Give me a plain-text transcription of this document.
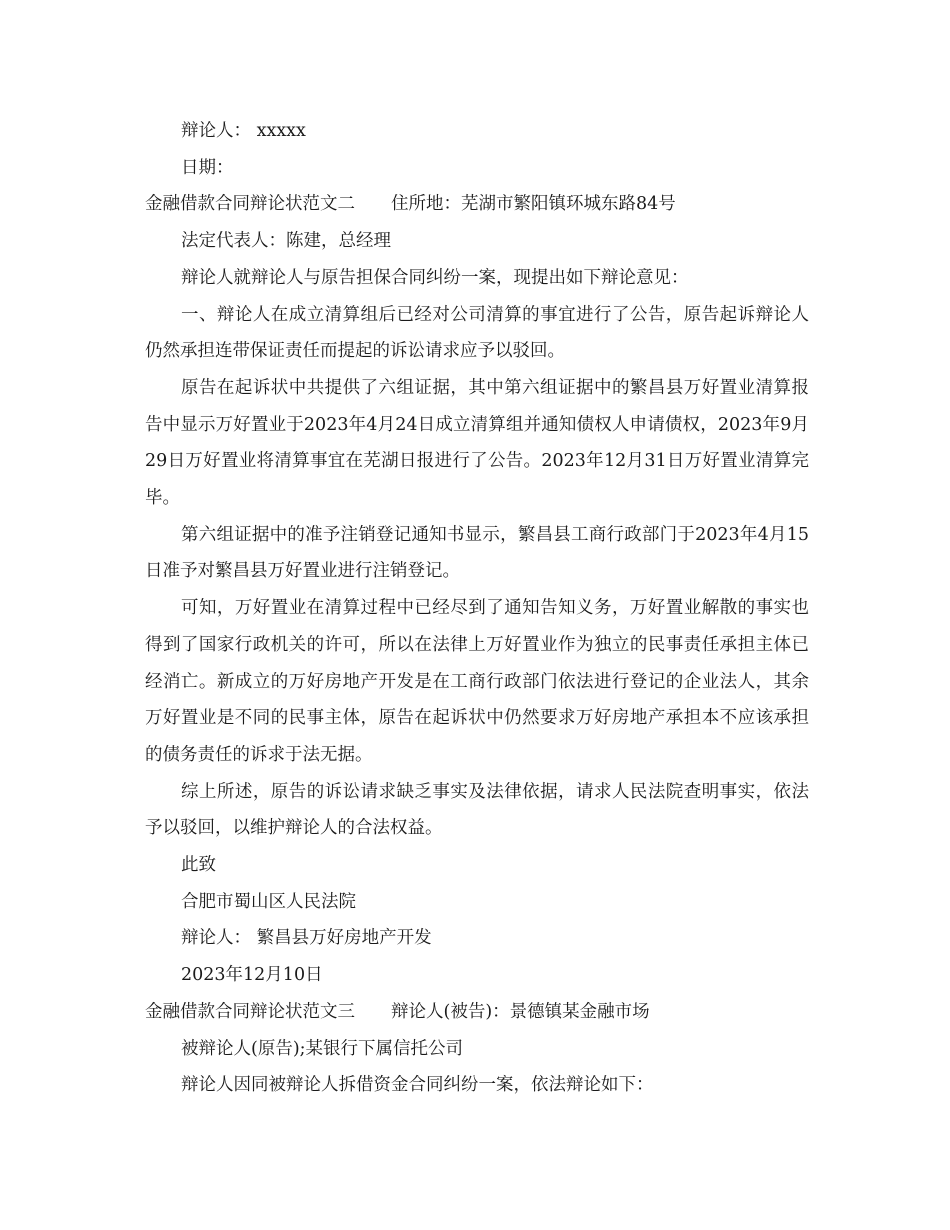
辩论人： xxxxx

日期：

金融借款合同辩论状范文二 住所地：芜湖市繁阳镇环城东路84号

法定代表人：陈建，总经理

辩论人就辩论人与原告担保合同纠纷一案，现提出如下辩论意见：

一、辩论人在成立清算组后已经对公司清算的事宜进行了公告，原告起诉辩论人仍然承担连带保证责任而提起的诉讼请求应予以驳回。

原告在起诉状中共提供了六组证据，其中第六组证据中的繁昌县万好置业清算报告中显示万好置业于2023年4月24日成立清算组并通知债权人申请债权，2023年9月29日万好置业将清算事宜在芜湖日报进行了公告。2023年12月31日万好置业清算完毕。

第六组证据中的准予注销登记通知书显示，繁昌县工商行政部门于2023年4月15日准予对繁昌县万好置业进行注销登记。

可知，万好置业在清算过程中已经尽到了通知告知义务，万好置业解散的事实也得到了国家行政机关的许可，所以在法律上万好置业作为独立的民事责任承担主体已经消亡。新成立的万好房地产开发是在工商行政部门依法进行登记的企业法人，其余万好置业是不同的民事主体，原告在起诉状中仍然要求万好房地产承担本不应该承担的债务责任的诉求于法无据。

综上所述，原告的诉讼请求缺乏事实及法律依据，请求人民法院查明事实，依法予以驳回，以维护辩论人的合法权益。

此致

合肥市蜀山区人民法院

辩论人： 繁昌县万好房地产开发

2023年12月10日

金融借款合同辩论状范文三 辩论人(被告)：景德镇某金融市场

被辩论人(原告);某银行下属信托公司

辩论人因同被辩论人拆借资金合同纠纷一案，依法辩论如下：
